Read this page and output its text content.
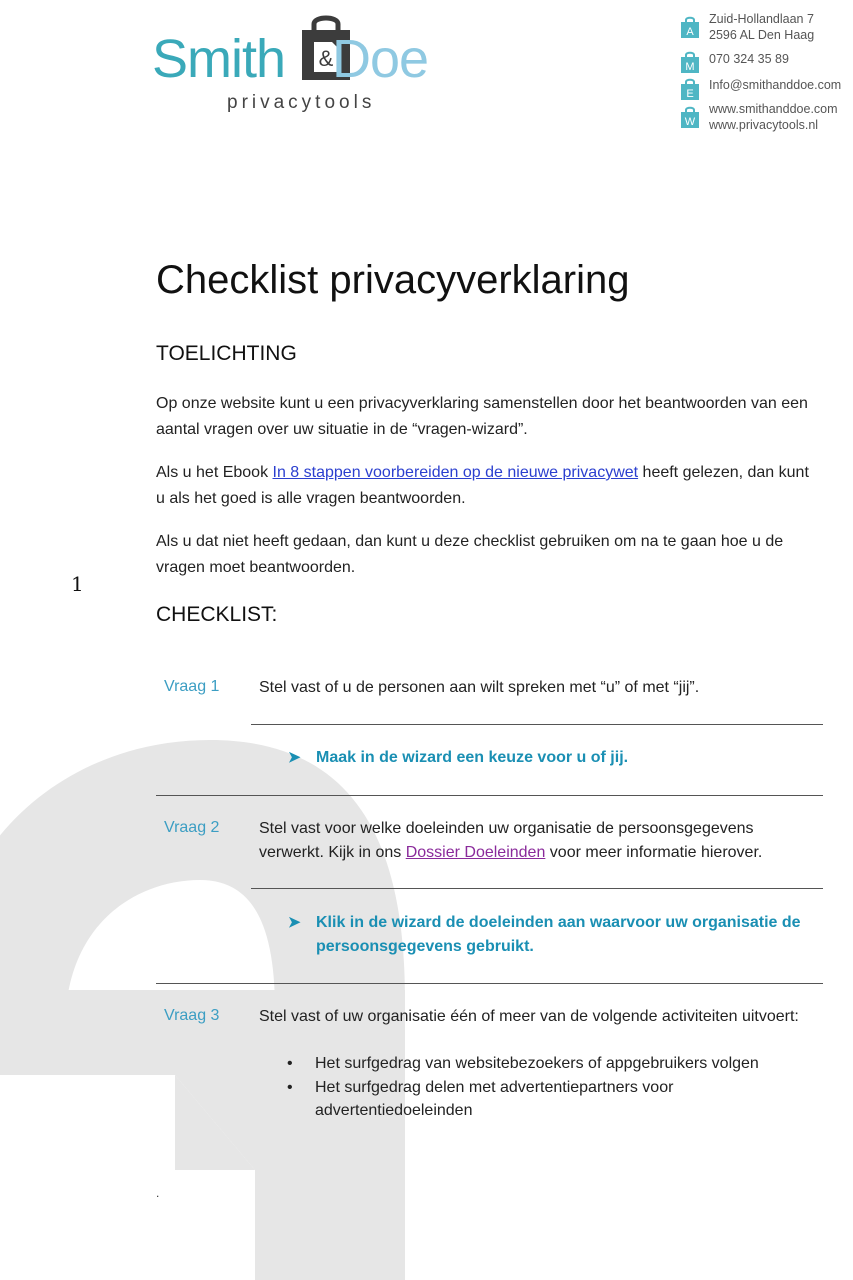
Smith &
Doe
privacytools
A
Zuid-Hollandlaan 7
2596 AL Den Haag
M
070 324 35 89
E
Info@smithanddoe.com
W
www.smithanddoe.com
www.privacytools.nl
Checklist privacyverklaring
TOELICHTING

Op onze website kunt u een privacyverklaring samenstellen door het beantwoorden van een aantal vragen over uw situatie in de “vragen-wizard”.

Als u het Ebook In 8 stappen voorbereiden op de nieuwe privacywet heeft gelezen, dan kunt u als het goed is alle vragen beantwoorden.

Als u dat niet heeft gedaan, dan kunt u deze checklist gebruiken om na te gaan hoe u de vragen moet beantwoorden.

1
CHECKLIST:
Vraag 1 Stel vast of u de personen aan wilt spreken met “u” of met “jij”.
➤ Maak in de wizard een keuze voor u of jij.
Vraag 2 Stel vast voor welke doeleinden uw organisatie de persoonsgegevens verwerkt. Kijk in ons Dossier Doeleinden voor meer informatie hierover.
➤ Klik in de wizard de doeleinden aan waarvoor uw organisatie de persoonsgegevens gebruikt.
Vraag 3 Stel vast of uw organisatie één of meer van de volgende activiteiten uitvoert:
• Het surfgedrag van websitebezoekers of appgebruikers volgen
• Het surfgedrag delen met advertentiepartners voor advertentiedoeleinden
.
